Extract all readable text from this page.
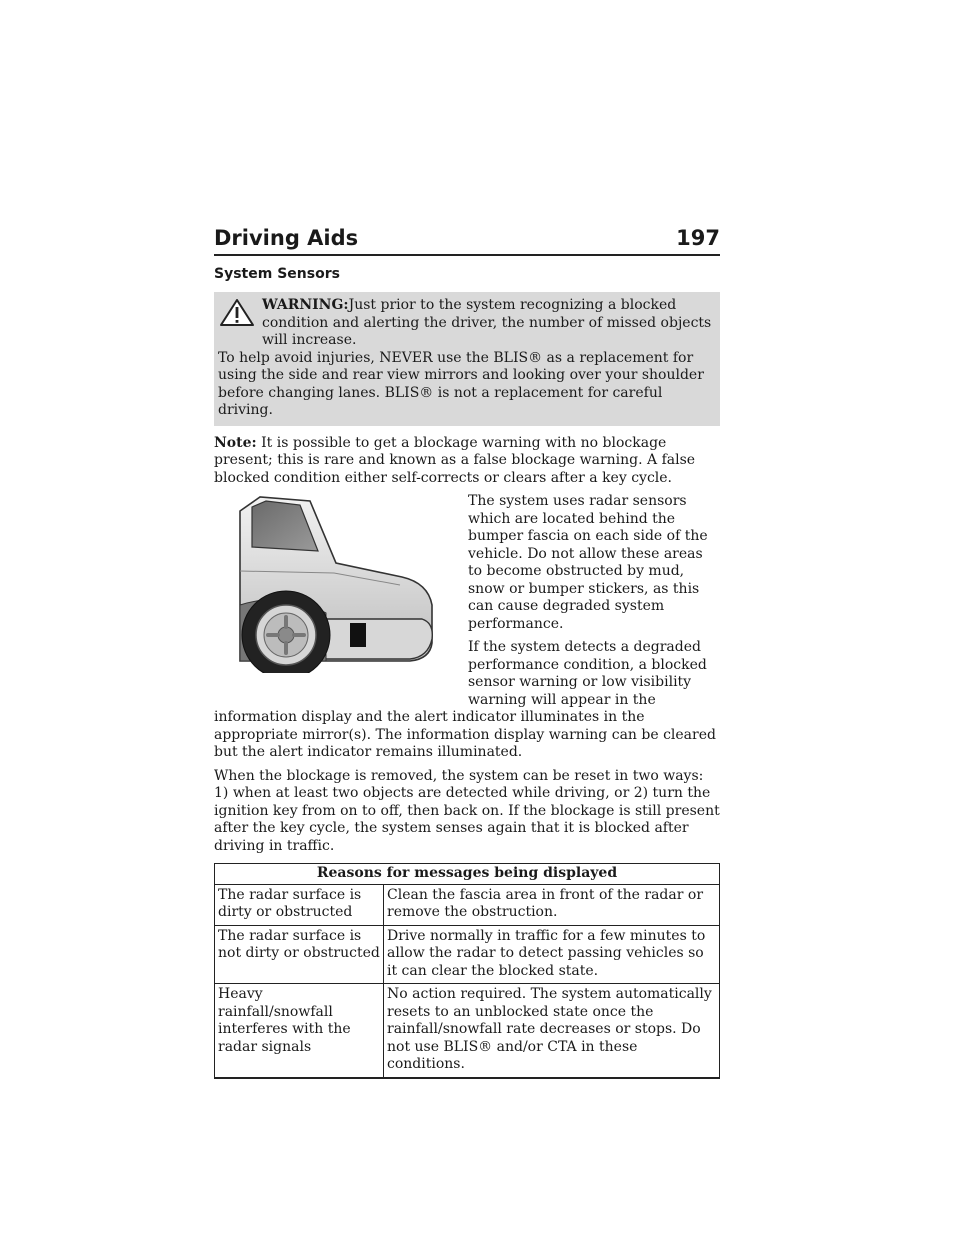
Driving Aids	197
System Sensors
WARNING:Just prior to the system recognizing a blocked condition and alerting the driver, the number of missed objects will increase.
To help avoid injuries, NEVER use the BLIS® as a replacement for using the side and rear view mirrors and looking over your shoulder before changing lanes. BLIS® is not a replacement for careful driving.

Note: It is possible to get a blockage warning with no blockage present; this is rare and known as a false blockage warning. A false blocked condition either self-corrects or clears after a key cycle.

The system uses radar sensors which are located behind the bumper fascia on each side of the vehicle. Do not allow these areas to become obstructed by mud, snow or bumper stickers, as this can cause degraded system performance.

If the system detects a degraded performance condition, a blocked sensor warning or low visibility warning will appear in the

information display and the alert indicator illuminates in the appropriate mirror(s). The information display warning can be cleared but the alert indicator remains illuminated.

When the blockage is removed, the system can be reset in two ways: 1) when at least two objects are detected while driving, or 2) turn the ignition key from on to off, then back on. If the blockage is still present after the key cycle, the system senses again that it is blocked after driving in traffic.

Reasons for messages being displayed	
The radar surface is dirty or obstructed	Clean the fascia area in front of the radar or remove the obstruction.
The radar surface is not dirty or obstructed	Drive normally in traffic for a few minutes to allow the radar to detect passing vehicles so it can clear the blocked state.
Heavy rainfall/snowfall interferes with the radar signals	No action required. The system automatically resets to an unblocked state once the rainfall/snowfall rate decreases or stops. Do not use BLIS® and/or CTA in these conditions.
